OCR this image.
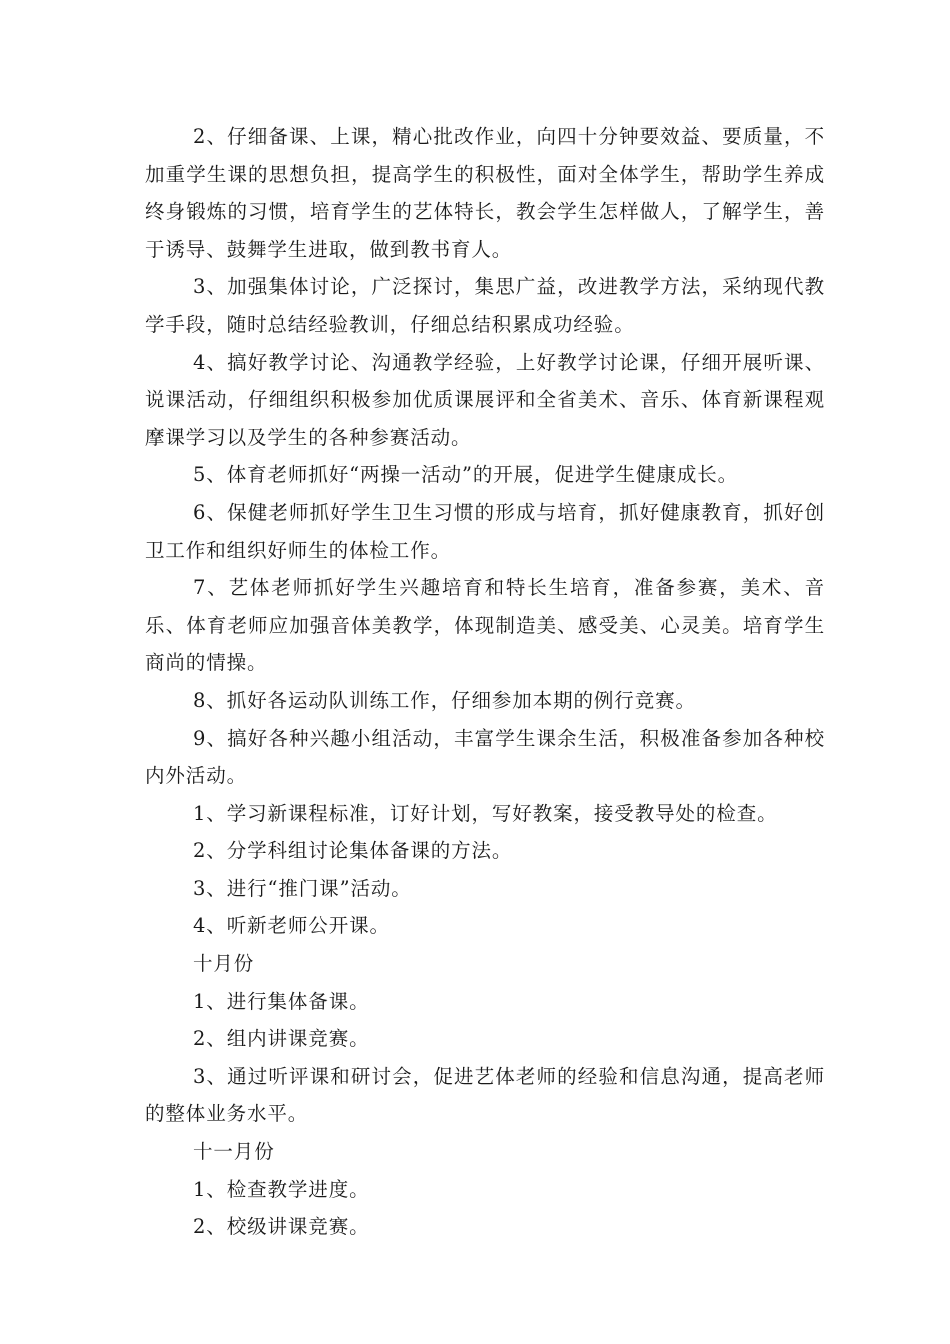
2、仔细备课、上课，精心批改作业，向四十分钟要效益、要质量，不加重学生课的思想负担，提高学生的积极性，面对全体学生，帮助学生养成终身锻炼的习惯，培育学生的艺体特长，教会学生怎样做人，了解学生，善于诱导、鼓舞学生进取，做到教书育人。

3、加强集体讨论，广泛探讨，集思广益，改进教学方法，采纳现代教学手段，随时总结经验教训，仔细总结积累成功经验。

4、搞好教学讨论、沟通教学经验，上好教学讨论课，仔细开展听课、说课活动，仔细组织积极参加优质课展评和全省美术、音乐、体育新课程观摩课学习以及学生的各种参赛活动。

5、体育老师抓好“两操一活动”的开展，促进学生健康成长。

6、保健老师抓好学生卫生习惯的形成与培育，抓好健康教育，抓好创卫工作和组织好师生的体检工作。

7、艺体老师抓好学生兴趣培育和特长生培育，准备参赛，美术、音乐、体育老师应加强音体美教学，体现制造美、感受美、心灵美。培育学生商尚的情操。

8、抓好各运动队训练工作，仔细参加本期的例行竞赛。

9、搞好各种兴趣小组活动，丰富学生课余生活，积极准备参加各种校内外活动。

1、学习新课程标准，订好计划，写好教案，接受教导处的检查。

2、分学科组讨论集体备课的方法。

3、进行“推门课”活动。

4、听新老师公开课。

十月份

1、进行集体备课。

2、组内讲课竞赛。

3、通过听评课和研讨会，促进艺体老师的经验和信息沟通，提高老师的整体业务水平。

十一月份

1、检查教学进度。

2、校级讲课竞赛。
